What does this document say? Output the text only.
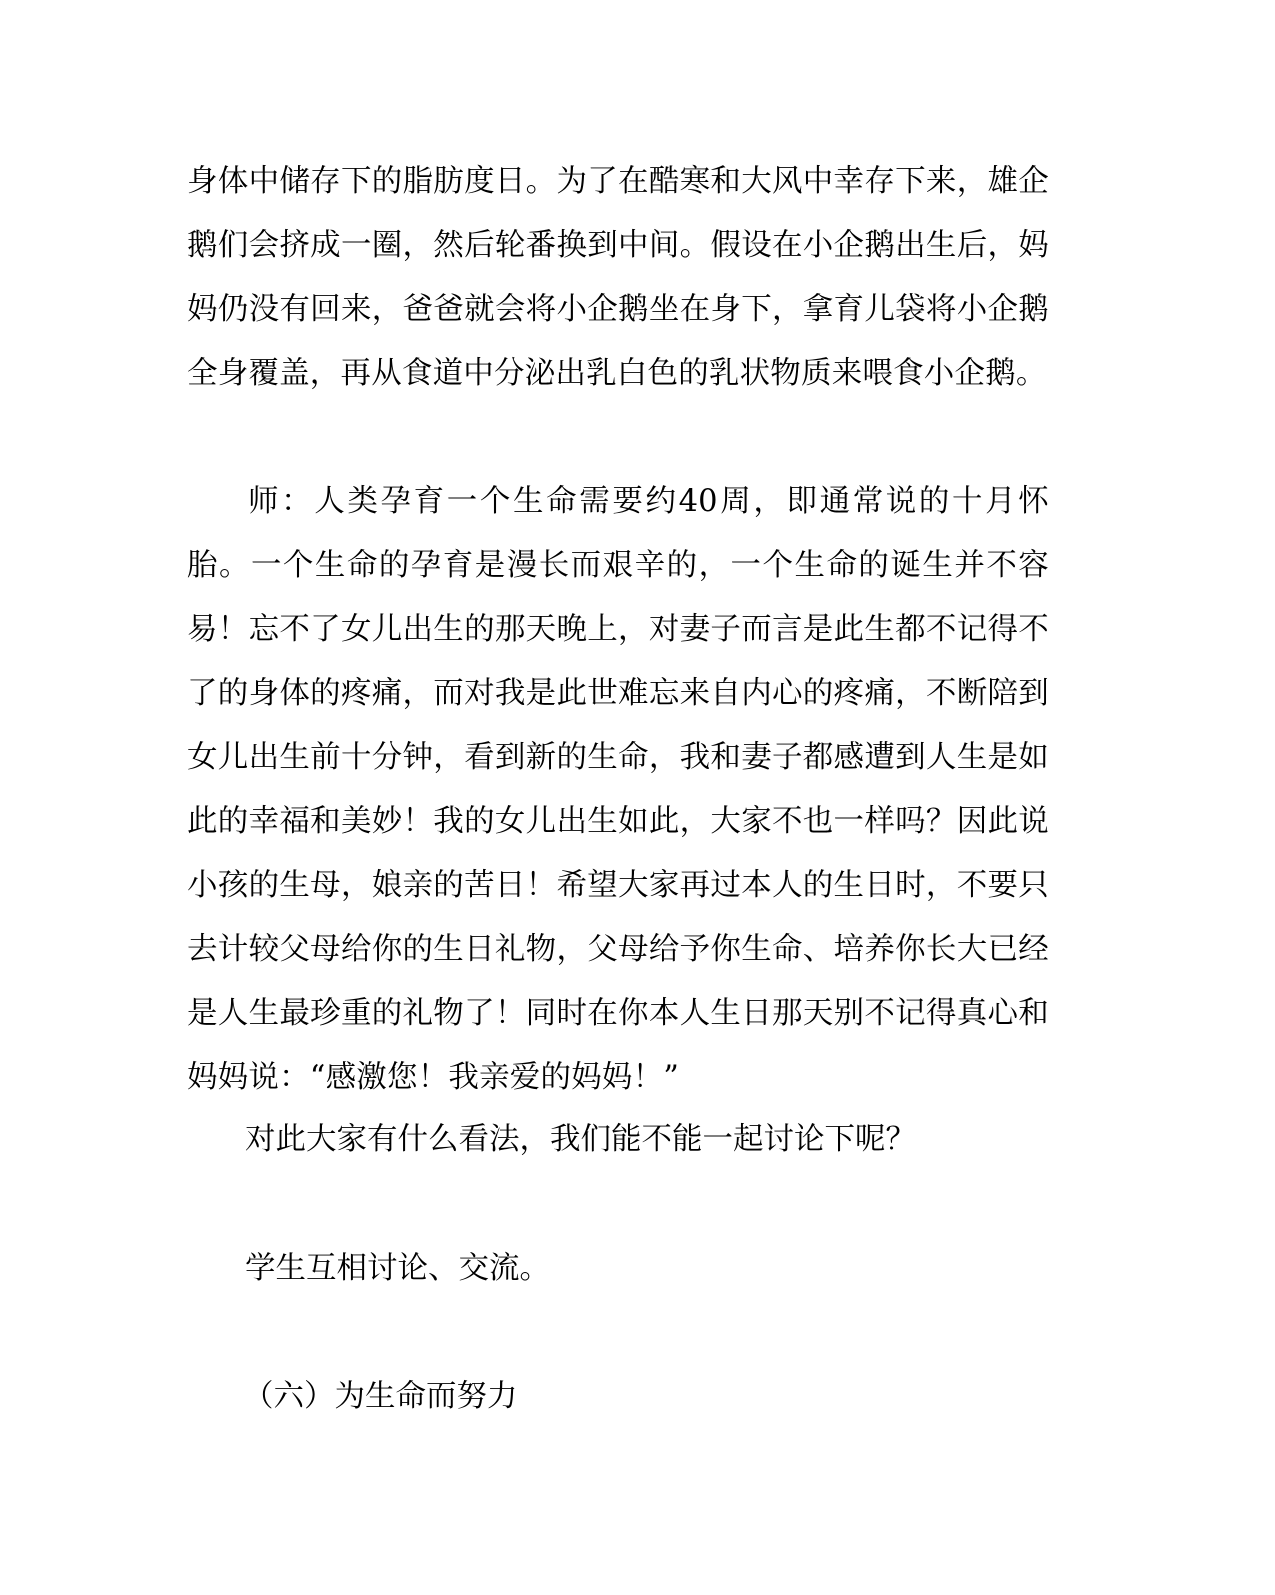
身体中储存下的脂肪度日。为了在酷寒和大风中幸存下来，雄企鹅们会挤成一圈，然后轮番换到中间。假设在小企鹅出生后，妈妈仍没有回来，爸爸就会将小企鹅坐在身下，拿育儿袋将小企鹅全身覆盖，再从食道中分泌出乳白色的乳状物质来喂食小企鹅。

师：人类孕育一个生命需要约40周，即通常说的十月怀胎。一个生命的孕育是漫长而艰辛的，一个生命的诞生并不容易！忘不了女儿出生的那天晚上，对妻子而言是此生都不记得不了的身体的疼痛，而对我是此世难忘来自内心的疼痛，不断陪到女儿出生前十分钟，看到新的生命，我和妻子都感遭到人生是如此的幸福和美妙！我的女儿出生如此，大家不也一样吗？因此说小孩的生母，娘亲的苦日！希望大家再过本人的生日时，不要只去计较父母给你的生日礼物，父母给予你生命、培养你长大已经是人生最珍重的礼物了！同时在你本人生日那天别不记得真心和妈妈说：“感激您！我亲爱的妈妈！”

对此大家有什么看法，我们能不能一起讨论下呢？

学生互相讨论、交流。

（六）为生命而努力
